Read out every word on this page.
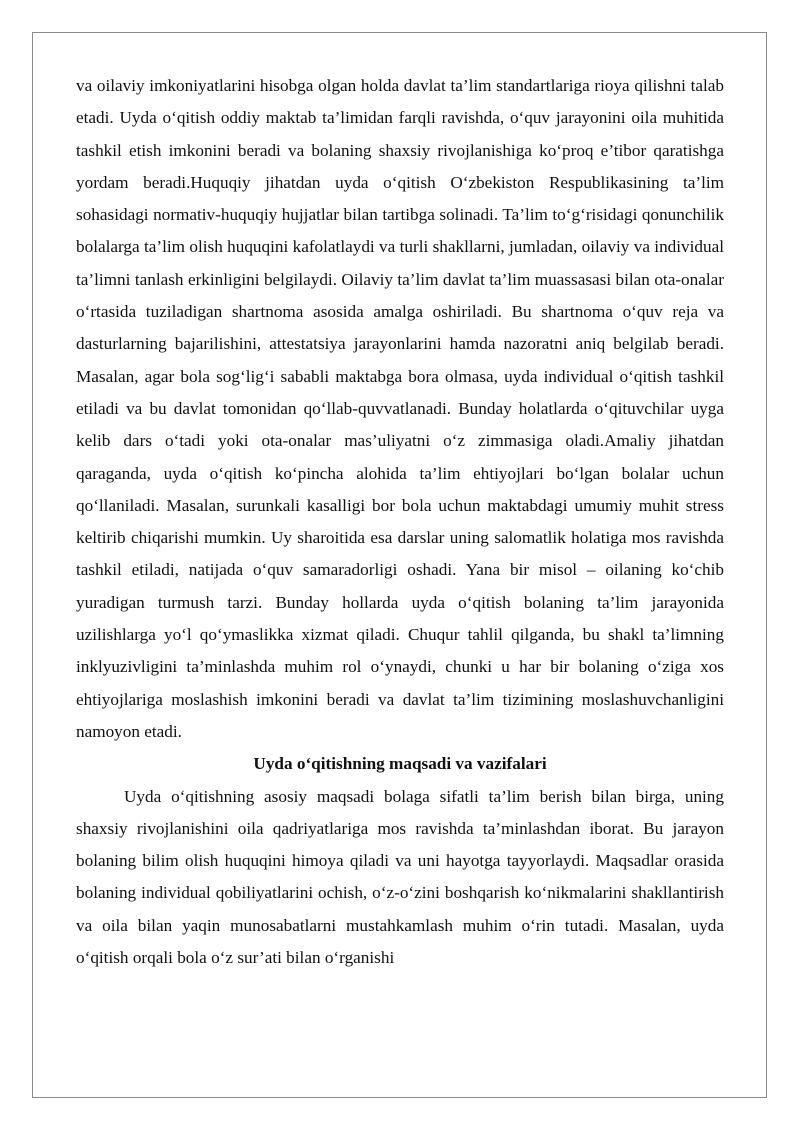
va oilaviy imkoniyatlarini hisobga olgan holda davlat ta’lim standartlariga rioya qilishni talab etadi. Uyda o‘qitish oddiy maktab ta’limidan farqli ravishda, o‘quv jarayonini oila muhitida tashkil etish imkonini beradi va bolaning shaxsiy rivojlanishiga ko‘proq e’tibor qaratishga yordam beradi.Huquqiy jihatdan uyda o‘qitish O‘zbekiston Respublikasining ta’lim sohasidagi normativ-huquqiy hujjatlar bilan tartibga solinadi. Ta’lim to‘g‘risidagi qonunchilik bolalarga ta’lim olish huquqini kafolatlaydi va turli shakllarni, jumladan, oilaviy va individual ta’limni tanlash erkinligini belgilaydi. Oilaviy ta’lim davlat ta’lim muassasasi bilan ota-onalar o‘rtasida tuziladigan shartnoma asosida amalga oshiriladi. Bu shartnoma o‘quv reja va dasturlarning bajarilishini, attestatsiya jarayonlarini hamda nazoratni aniq belgilab beradi. Masalan, agar bola sog‘lig‘i sababli maktabga bora olmasa, uyda individual o‘qitish tashkil etiladi va bu davlat tomonidan qo‘llab-quvvatlanadi. Bunday holatlarda o‘qituvchilar uyga kelib dars o‘tadi yoki ota-onalar mas’uliyatni o‘z zimmasiga oladi.Amaliy jihatdan qaraganda, uyda o‘qitish ko‘pincha alohida ta’lim ehtiyojlari bo‘lgan bolalar uchun qo‘llaniladi. Masalan, surunkali kasalligi bor bola uchun maktabdagi umumiy muhit stress keltirib chiqarishi mumkin. Uy sharoitida esa darslar uning salomatlik holatiga mos ravishda tashkil etiladi, natijada o‘quv samaradorligi oshadi. Yana bir misol – oilaning ko‘chib yuradigan turmush tarzi. Bunday hollarda uyda o‘qitish bolaning ta’lim jarayonida uzilishlarga yo‘l qo‘ymaslikka xizmat qiladi. Chuqur tahlil qilganda, bu shakl ta’limning inklyuzivligini ta’minlashda muhim rol o‘ynaydi, chunki u har bir bolaning o‘ziga xos ehtiyojlariga moslashish imkonini beradi va davlat ta’lim tizimining moslashuvchanligini namoyon etadi.

Uyda o‘qitishning maqsadi va vazifalari

Uyda o‘qitishning asosiy maqsadi bolaga sifatli ta’lim berish bilan birga, uning shaxsiy rivojlanishini oila qadriyatlariga mos ravishda ta’minlashdan iborat. Bu jarayon bolaning bilim olish huquqini himoya qiladi va uni hayotga tayyorlaydi. Maqsadlar orasida bolaning individual qobiliyatlarini ochish, o‘z-o‘zini boshqarish ko‘nikmalarini shakllantirish va oila bilan yaqin munosabatlarni mustahkamlash muhim o‘rin tutadi. Masalan, uyda o‘qitish orqali bola o‘z sur’ati bilan o‘rganishi
